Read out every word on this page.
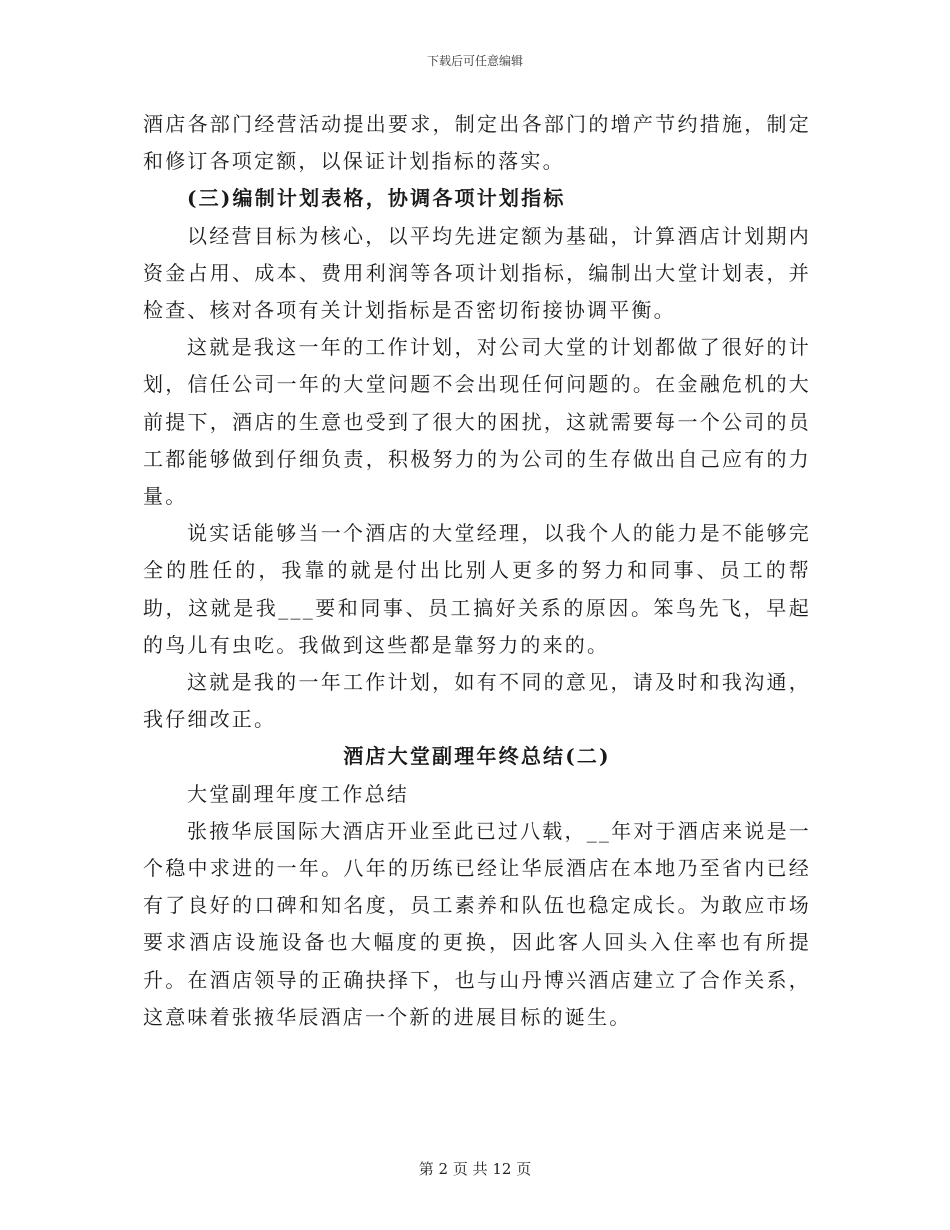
下载后可任意编辑

酒店各部门经营活动提出要求，制定出各部门的增产节约措施，制定和修订各项定额，以保证计划指标的落实。

(三)编制计划表格，协调各项计划指标

以经营目标为核心，以平均先进定额为基础，计算酒店计划期内资金占用、成本、费用利润等各项计划指标，编制出大堂计划表，并检查、核对各项有关计划指标是否密切衔接协调平衡。

这就是我这一年的工作计划，对公司大堂的计划都做了很好的计划，信任公司一年的大堂问题不会出现任何问题的。在金融危机的大前提下，酒店的生意也受到了很大的困扰，这就需要每一个公司的员工都能够做到仔细负责，积极努力的为公司的生存做出自己应有的力量。

说实话能够当一个酒店的大堂经理，以我个人的能力是不能够完全的胜任的，我靠的就是付出比别人更多的努力和同事、员工的帮助，这就是我___要和同事、员工搞好关系的原因。笨鸟先飞，早起的鸟儿有虫吃。我做到这些都是靠努力的来的。

这就是我的一年工作计划，如有不同的意见，请及时和我沟通，我仔细改正。

酒店大堂副理年终总结(二)

大堂副理年度工作总结

张掖华辰国际大酒店开业至此已过八载，__年对于酒店来说是一个稳中求进的一年。八年的历练已经让华辰酒店在本地乃至省内已经有了良好的口碑和知名度，员工素养和队伍也稳定成长。为敢应市场要求酒店设施设备也大幅度的更换，因此客人回头入住率也有所提升。在酒店领导的正确抉择下，也与山丹博兴酒店建立了合作关系，这意味着张掖华辰酒店一个新的进展目标的诞生。

第 2 页 共 12 页
